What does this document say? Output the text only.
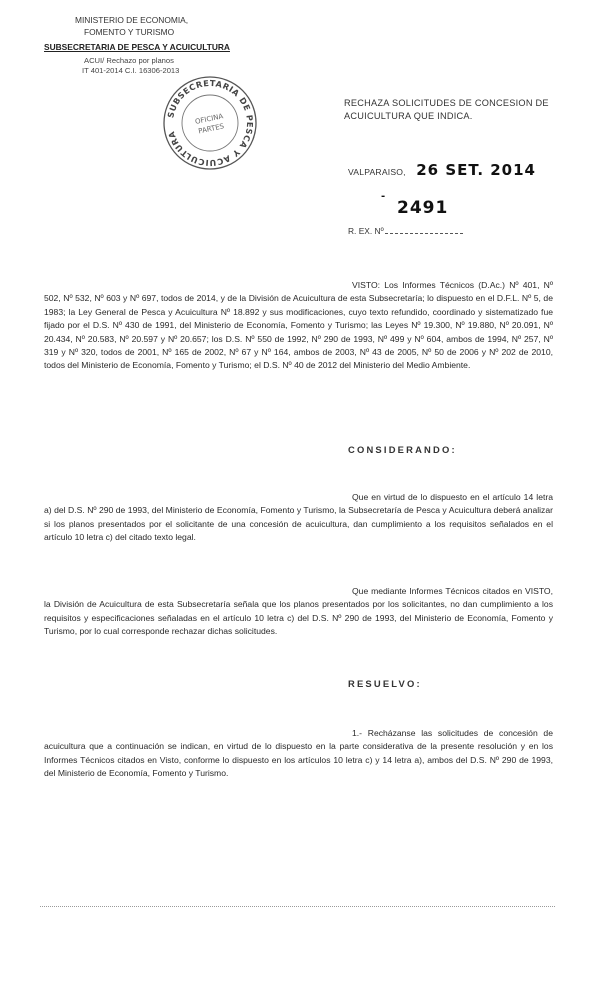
MINISTERIO DE ECONOMIA,
FOMENTO Y TURISMO
SUBSECRETARIA DE PESCA Y ACUICULTURA
ACUI/ Rechazo por planos
IT 401-2014 C.I. 16306-2013
SUBSECRETARIA DE PESCA Y ACUICULTURA
OFICINA
PARTES
RECHAZA SOLICITUDES DE CONCESION DE ACUICULTURA QUE INDICA.
VALPARAISO, 26 SET. 2014
-
2491
R. EX. Nº
VISTO: Los Informes Técnicos (D.Ac.) Nº 401, Nº 502, Nº 532, Nº 603 y Nº 697, todos de 2014, y de la División de Acuicultura de esta Subsecretaría; lo dispuesto en el D.F.L. Nº 5, de 1983; la Ley General de Pesca y Acuicultura Nº 18.892 y sus modificaciones, cuyo texto refundido, coordinado y sistematizado fue fijado por el D.S. Nº 430 de 1991, del Ministerio de Economía, Fomento y Turismo; las Leyes Nº 19.300, Nº 19.880, Nº 20.091, Nº 20.434, Nº 20.583, Nº 20.597 y Nº 20.657; los D.S. Nº 550 de 1992, Nº 290 de 1993, Nº 499 y Nº 604, ambos de 1994, Nº 257, Nº 319 y Nº 320, todos de 2001, Nº 165 de 2002, Nº 67 y Nº 164, ambos de 2003, Nº 43 de 2005, Nº 50 de 2006 y Nº 202 de 2010, todos del Ministerio de Economía, Fomento y Turismo; el D.S. Nº 40 de 2012 del Ministerio del Medio Ambiente.
CONSIDERANDO:
Que en virtud de lo dispuesto en el artículo 14 letra a) del D.S. Nº 290 de 1993, del Ministerio de Economía, Fomento y Turismo, la Subsecretaría de Pesca y Acuicultura deberá analizar si los planos presentados por el solicitante de una concesión de acuicultura, dan cumplimiento a los requisitos señalados en el artículo 10 letra c) del citado texto legal.
Que mediante Informes Técnicos citados en VISTO, la División de Acuicultura de esta Subsecretaría señala que los planos presentados por los solicitantes, no dan cumplimiento a los requisitos y especificaciones señaladas en el artículo 10 letra c) del D.S. Nº 290 de 1993, del Ministerio de Economía, Fomento y Turismo, por lo cual corresponde rechazar dichas solicitudes.
RESUELVO:
1.- Recházanse las solicitudes de concesión de acuicultura que a continuación se indican, en virtud de lo dispuesto en la parte considerativa de la presente resolución y en los Informes Técnicos citados en Visto, conforme lo dispuesto en los artículos 10 letra c) y 14 letra a), ambos del D.S. Nº 290 de 1993, del Ministerio de Economía, Fomento y Turismo.
